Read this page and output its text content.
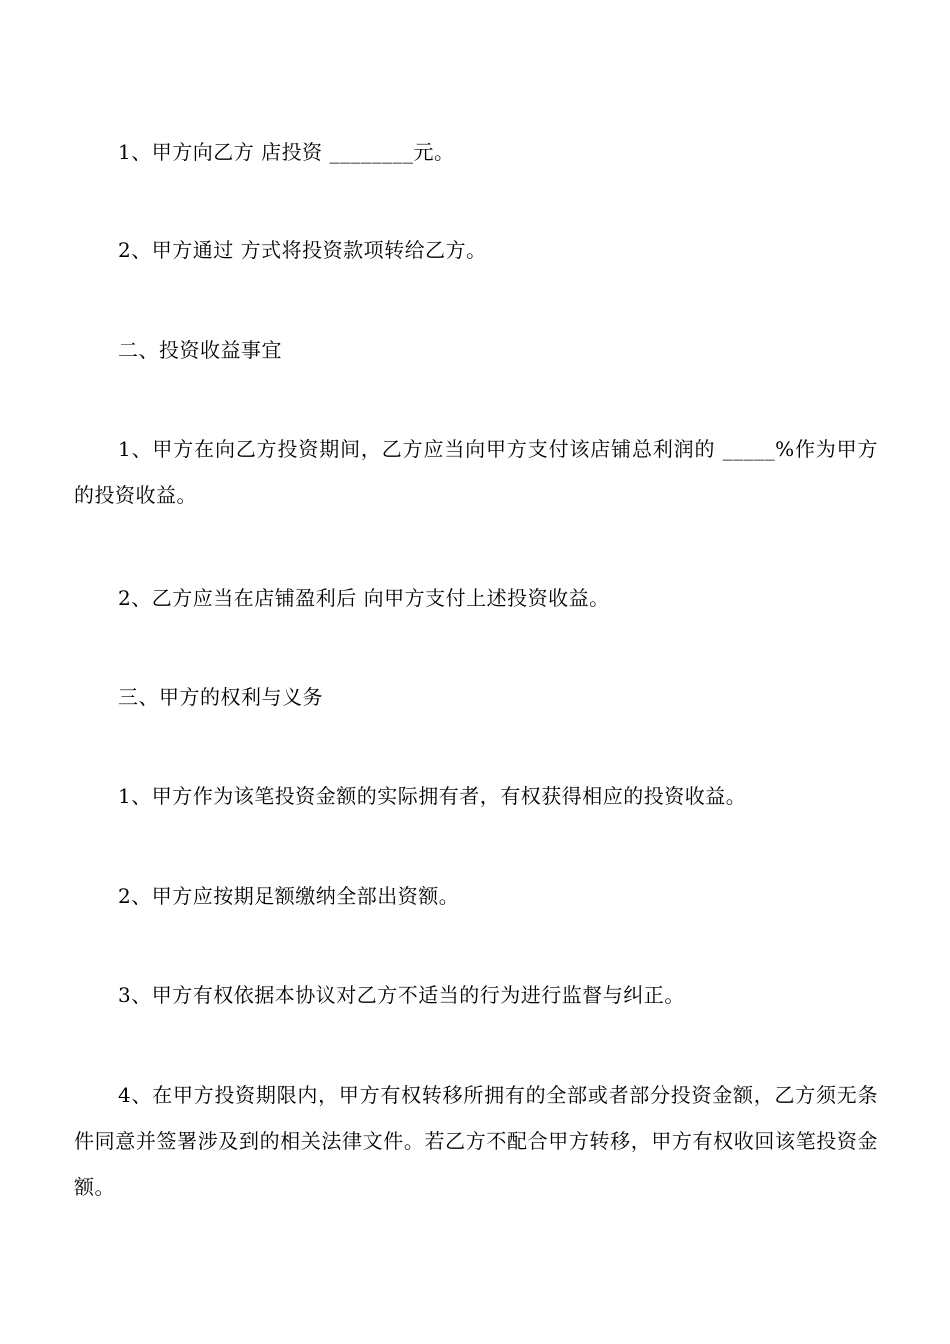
1、甲方向乙方 店投资 ________元。

2、甲方通过 方式将投资款项转给乙方。

二、投资收益事宜

1、甲方在向乙方投资期间，乙方应当向甲方支付该店铺总利润的 _____%作为甲方的投资收益。

2、乙方应当在店铺盈利后 向甲方支付上述投资收益。

三、甲方的权利与义务

1、甲方作为该笔投资金额的实际拥有者，有权获得相应的投资收益。

2、甲方应按期足额缴纳全部出资额。

3、甲方有权依据本协议对乙方不适当的行为进行监督与纠正。

4、在甲方投资期限内，甲方有权转移所拥有的全部或者部分投资金额，乙方须无条件同意并签署涉及到的相关法律文件。若乙方不配合甲方转移，甲方有权收回该笔投资金额。
